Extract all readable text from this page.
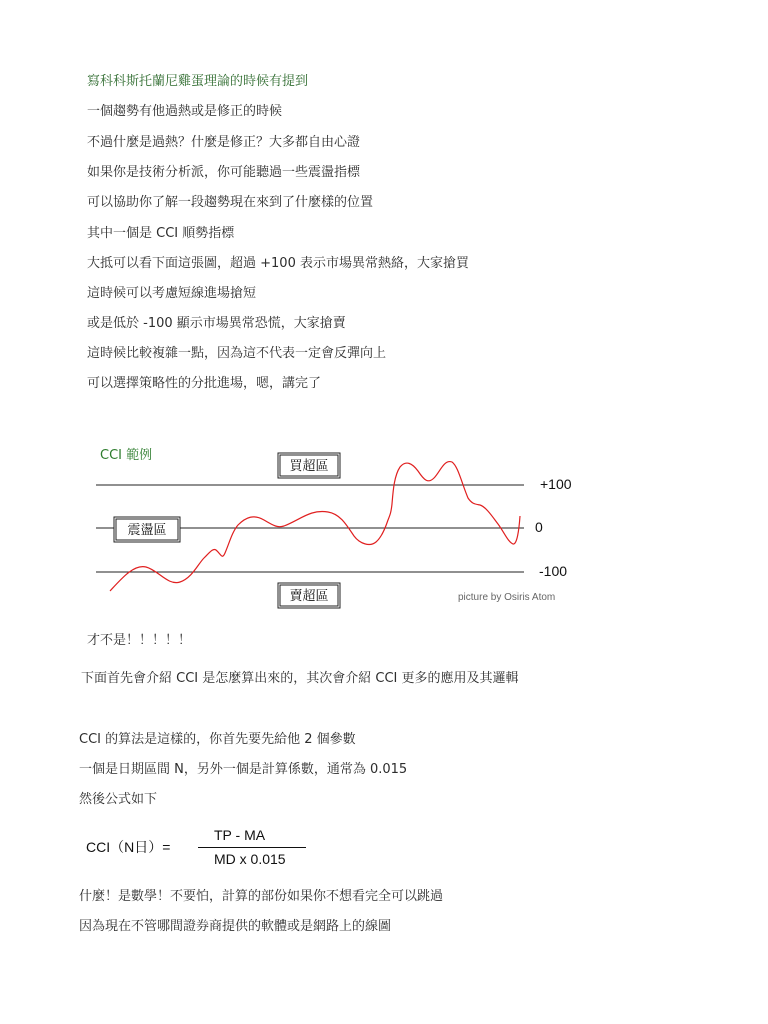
寫科科斯托蘭尼雞蛋理論的時候有提到
一個趨勢有他過熱或是修正的時候
不過什麼是過熱？什麼是修正？大多都自由心證
如果你是技術分析派，你可能聽過一些震盪指標
可以協助你了解一段趨勢現在來到了什麼樣的位置
其中一個是 CCI 順勢指標
大抵可以看下面這張圖，超過 +100 表示市場異常熱絡，大家搶買
這時候可以考慮短線進場搶短
或是低於 -100 顯示市場異常恐慌，大家搶賣
這時候比較複雜一點，因為這不代表一定會反彈向上
可以選擇策略性的分批進場，嗯，講完了
CCI 範例
買超區
震盪區
賣超區
+100
0
-100
picture by Osiris Atom
才不是！！！！！
下面首先會介紹 CCI 是怎麼算出來的，其次會介紹 CCI 更多的應用及其邏輯
CCI 的算法是這樣的，你首先要先給他 2 個參數
一個是日期區間 N，另外一個是計算係數，通常為 0.015
然後公式如下
CCI（N日）=
TP - MA
MD x 0.015
什麼！是數學！不要怕，計算的部份如果你不想看完全可以跳過
因為現在不管哪間證券商提供的軟體或是網路上的線圖
